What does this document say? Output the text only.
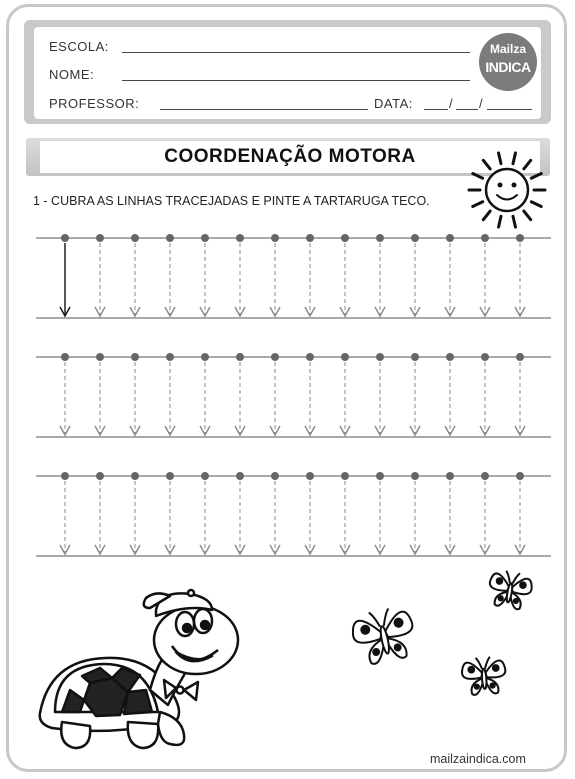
ESCOLA:
NOME:
PROFESSOR:	DATA:	/ /
Mailza
INDICA
COORDENAÇÃO MOTORA
1 - CUBRA AS LINHAS TRACEJADAS E PINTE A TARTARUGA TECO.
mailzaindica.com
